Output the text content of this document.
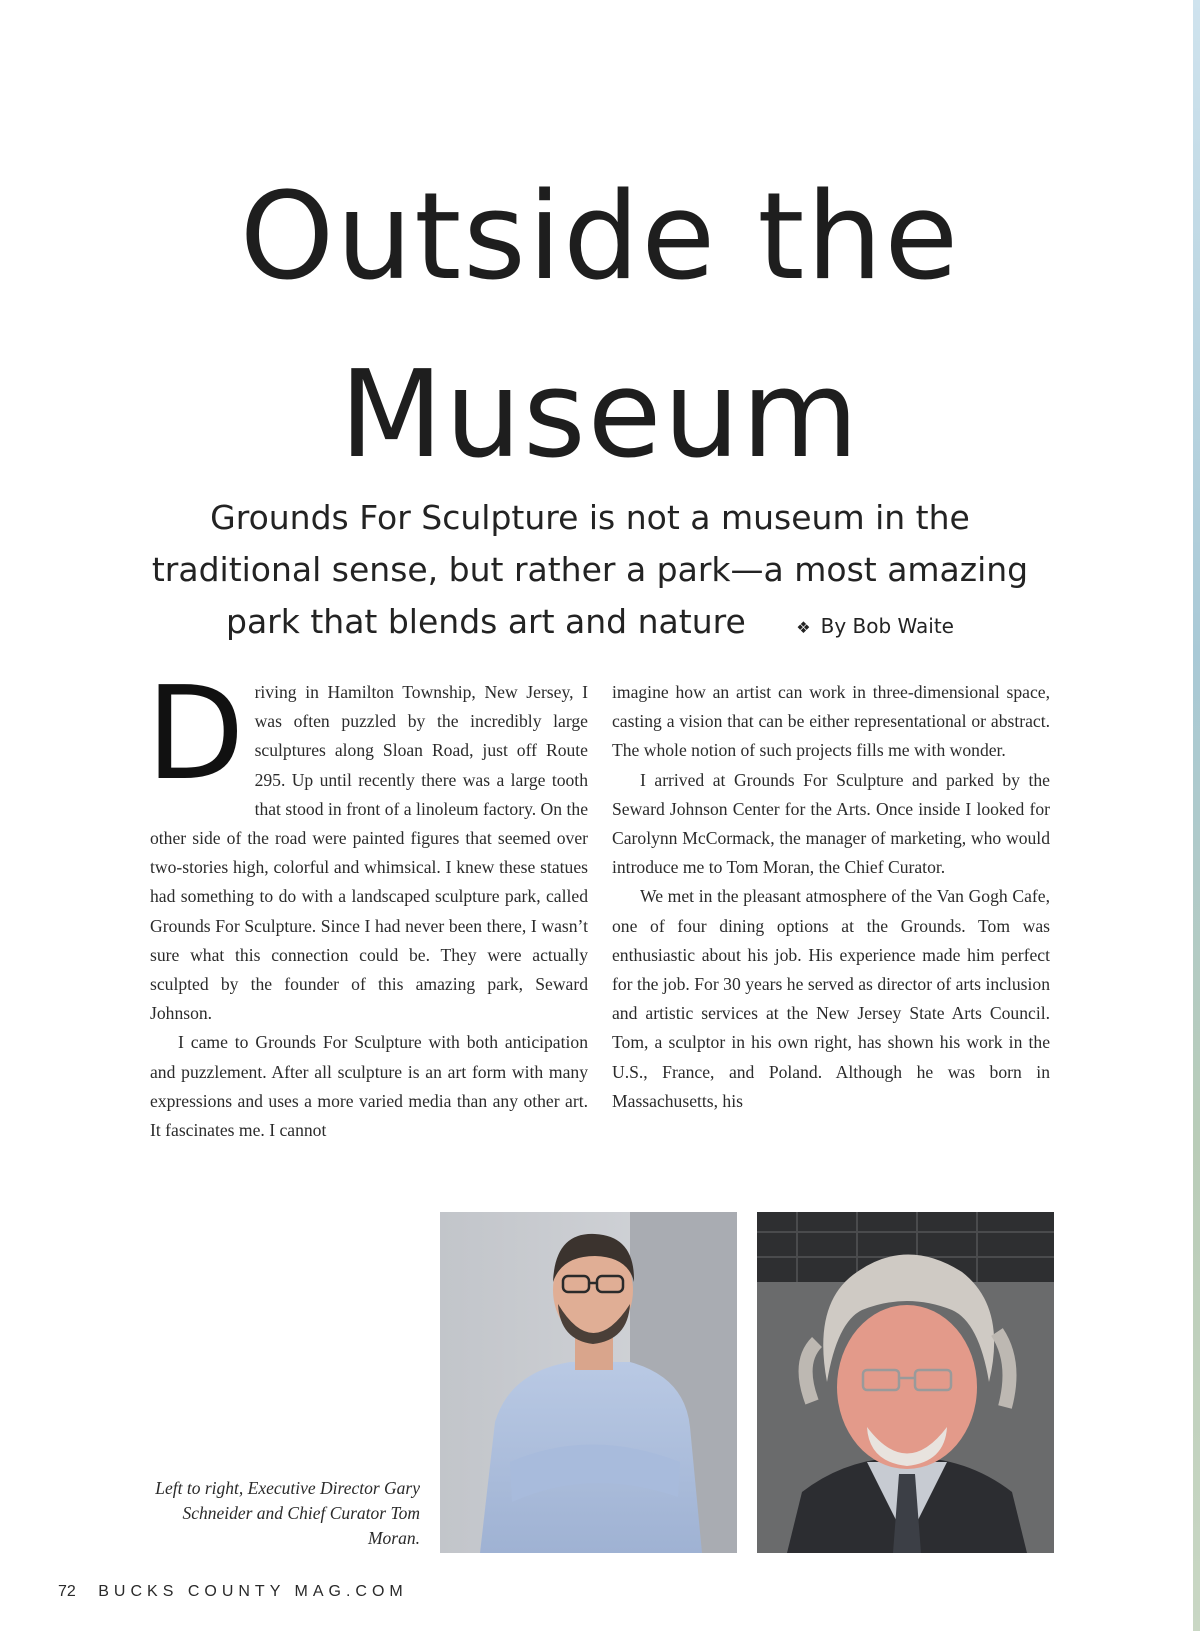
Outside the
Museum

Grounds For Sculpture is not a museum in the traditional sense, but rather a park—a most amazing park that blends art and nature	❖ By Bob Waite

Driving in Hamilton Township, New Jersey, I was often puzzled by the incredibly large sculptures along Sloan Road, just off Route 295. Up until recently there was a large tooth that stood in front of a linoleum factory. On the other side of the road were painted figures that seemed over two-stories high, colorful and whimsical. I knew these statues had something to do with a landscaped sculpture park, called Grounds For Sculpture. Since I had never been there, I wasn’t sure what this connection could be. They were actually sculpted by the founder of this amazing park, Seward Johnson.

I came to Grounds For Sculpture with both anticipation and puzzlement. After all sculpture is an art form with many expressions and uses a more varied media than any other art. It fascinates me. I cannot

imagine how an artist can work in three-dimensional space, casting a vision that can be either representational or abstract. The whole notion of such projects fills me with wonder.

I arrived at Grounds For Sculpture and parked by the Seward Johnson Center for the Arts. Once inside I looked for Carolynn McCormack, the manager of marketing, who would introduce me to Tom Moran, the Chief Curator.

We met in the pleasant atmosphere of the Van Gogh Cafe, one of four dining options at the Grounds. Tom was enthusiastic about his job. His experience made him perfect for the job. For 30 years he served as director of arts inclusion and artistic services at the New Jersey State Arts Council. Tom, a sculptor in his own right, has shown his work in the U.S., France, and Poland. Although he was born in Massachusetts, his

Left to right, Executive Director Gary Schneider and Chief Curator Tom Moran.
72 BUCKS COUNTY MAG.COM
